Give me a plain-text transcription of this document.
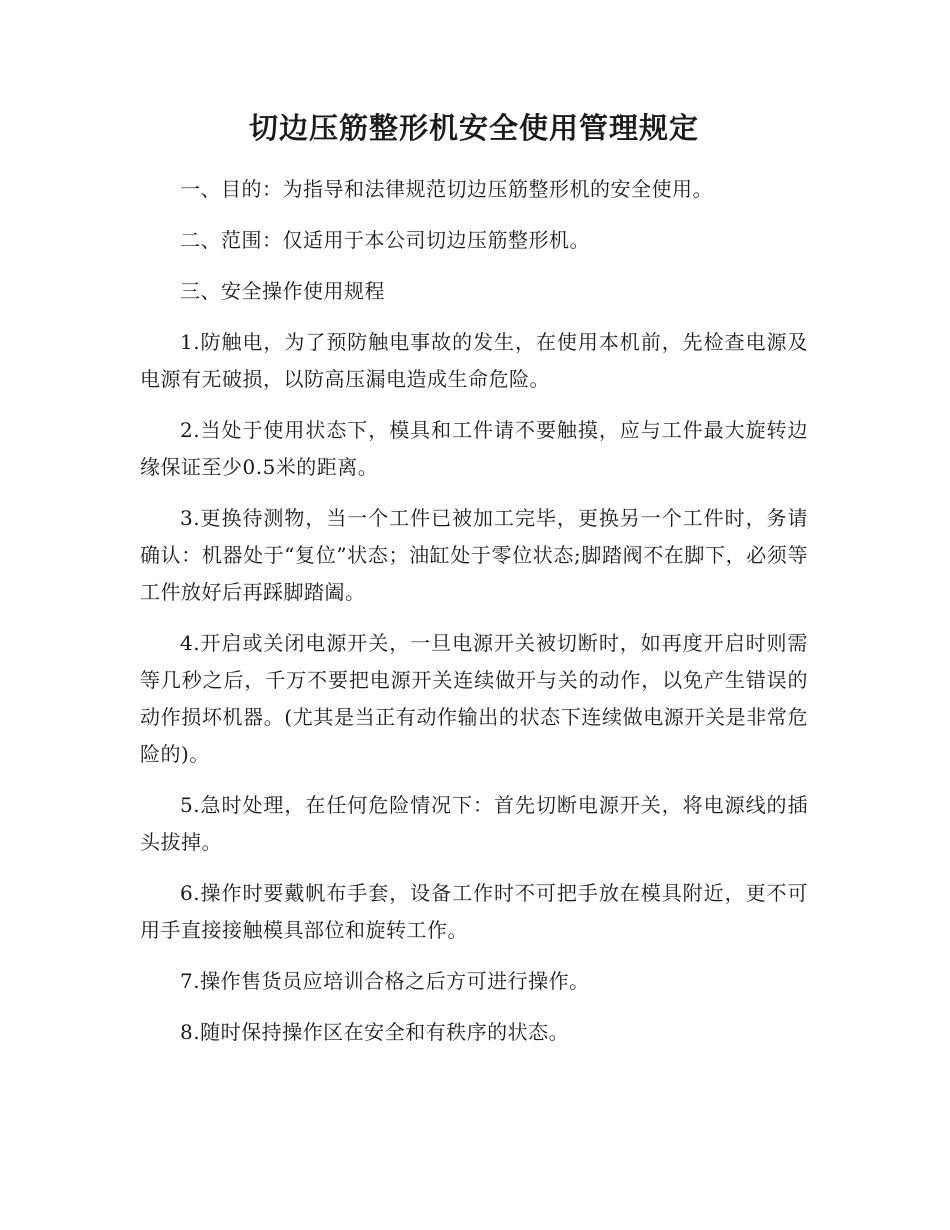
切边压筋整形机安全使用管理规定

一、目的：为指导和法律规范切边压筋整形机的安全使用。

二、范围：仅适用于本公司切边压筋整形机。

三、安全操作使用规程

1.防触电，为了预防触电事故的发生，在使用本机前，先检查电源及电源有无破损，以防高压漏电造成生命危险。

2.当处于使用状态下，模具和工件请不要触摸，应与工件最大旋转边缘保证至少0.5米的距离。

3.更换待测物，当一个工件已被加工完毕，更换另一个工件时，务请确认：机器处于“复位”状态；油缸处于零位状态;脚踏阀不在脚下，必须等工件放好后再踩脚踏阖。

4.开启或关闭电源开关，一旦电源开关被切断时，如再度开启时则需等几秒之后，千万不要把电源开关连续做开与关的动作，以免产生错误的动作损坏机器。(尤其是当正有动作输出的状态下连续做电源开关是非常危险的)。

5.急时处理，在任何危险情况下：首先切断电源开关，将电源线的插头拔掉。

6.操作时要戴帆布手套，设备工作时不可把手放在模具附近，更不可用手直接接触模具部位和旋转工作。

7.操作售货员应培训合格之后方可进行操作。

8.随时保持操作区在安全和有秩序的状态。
